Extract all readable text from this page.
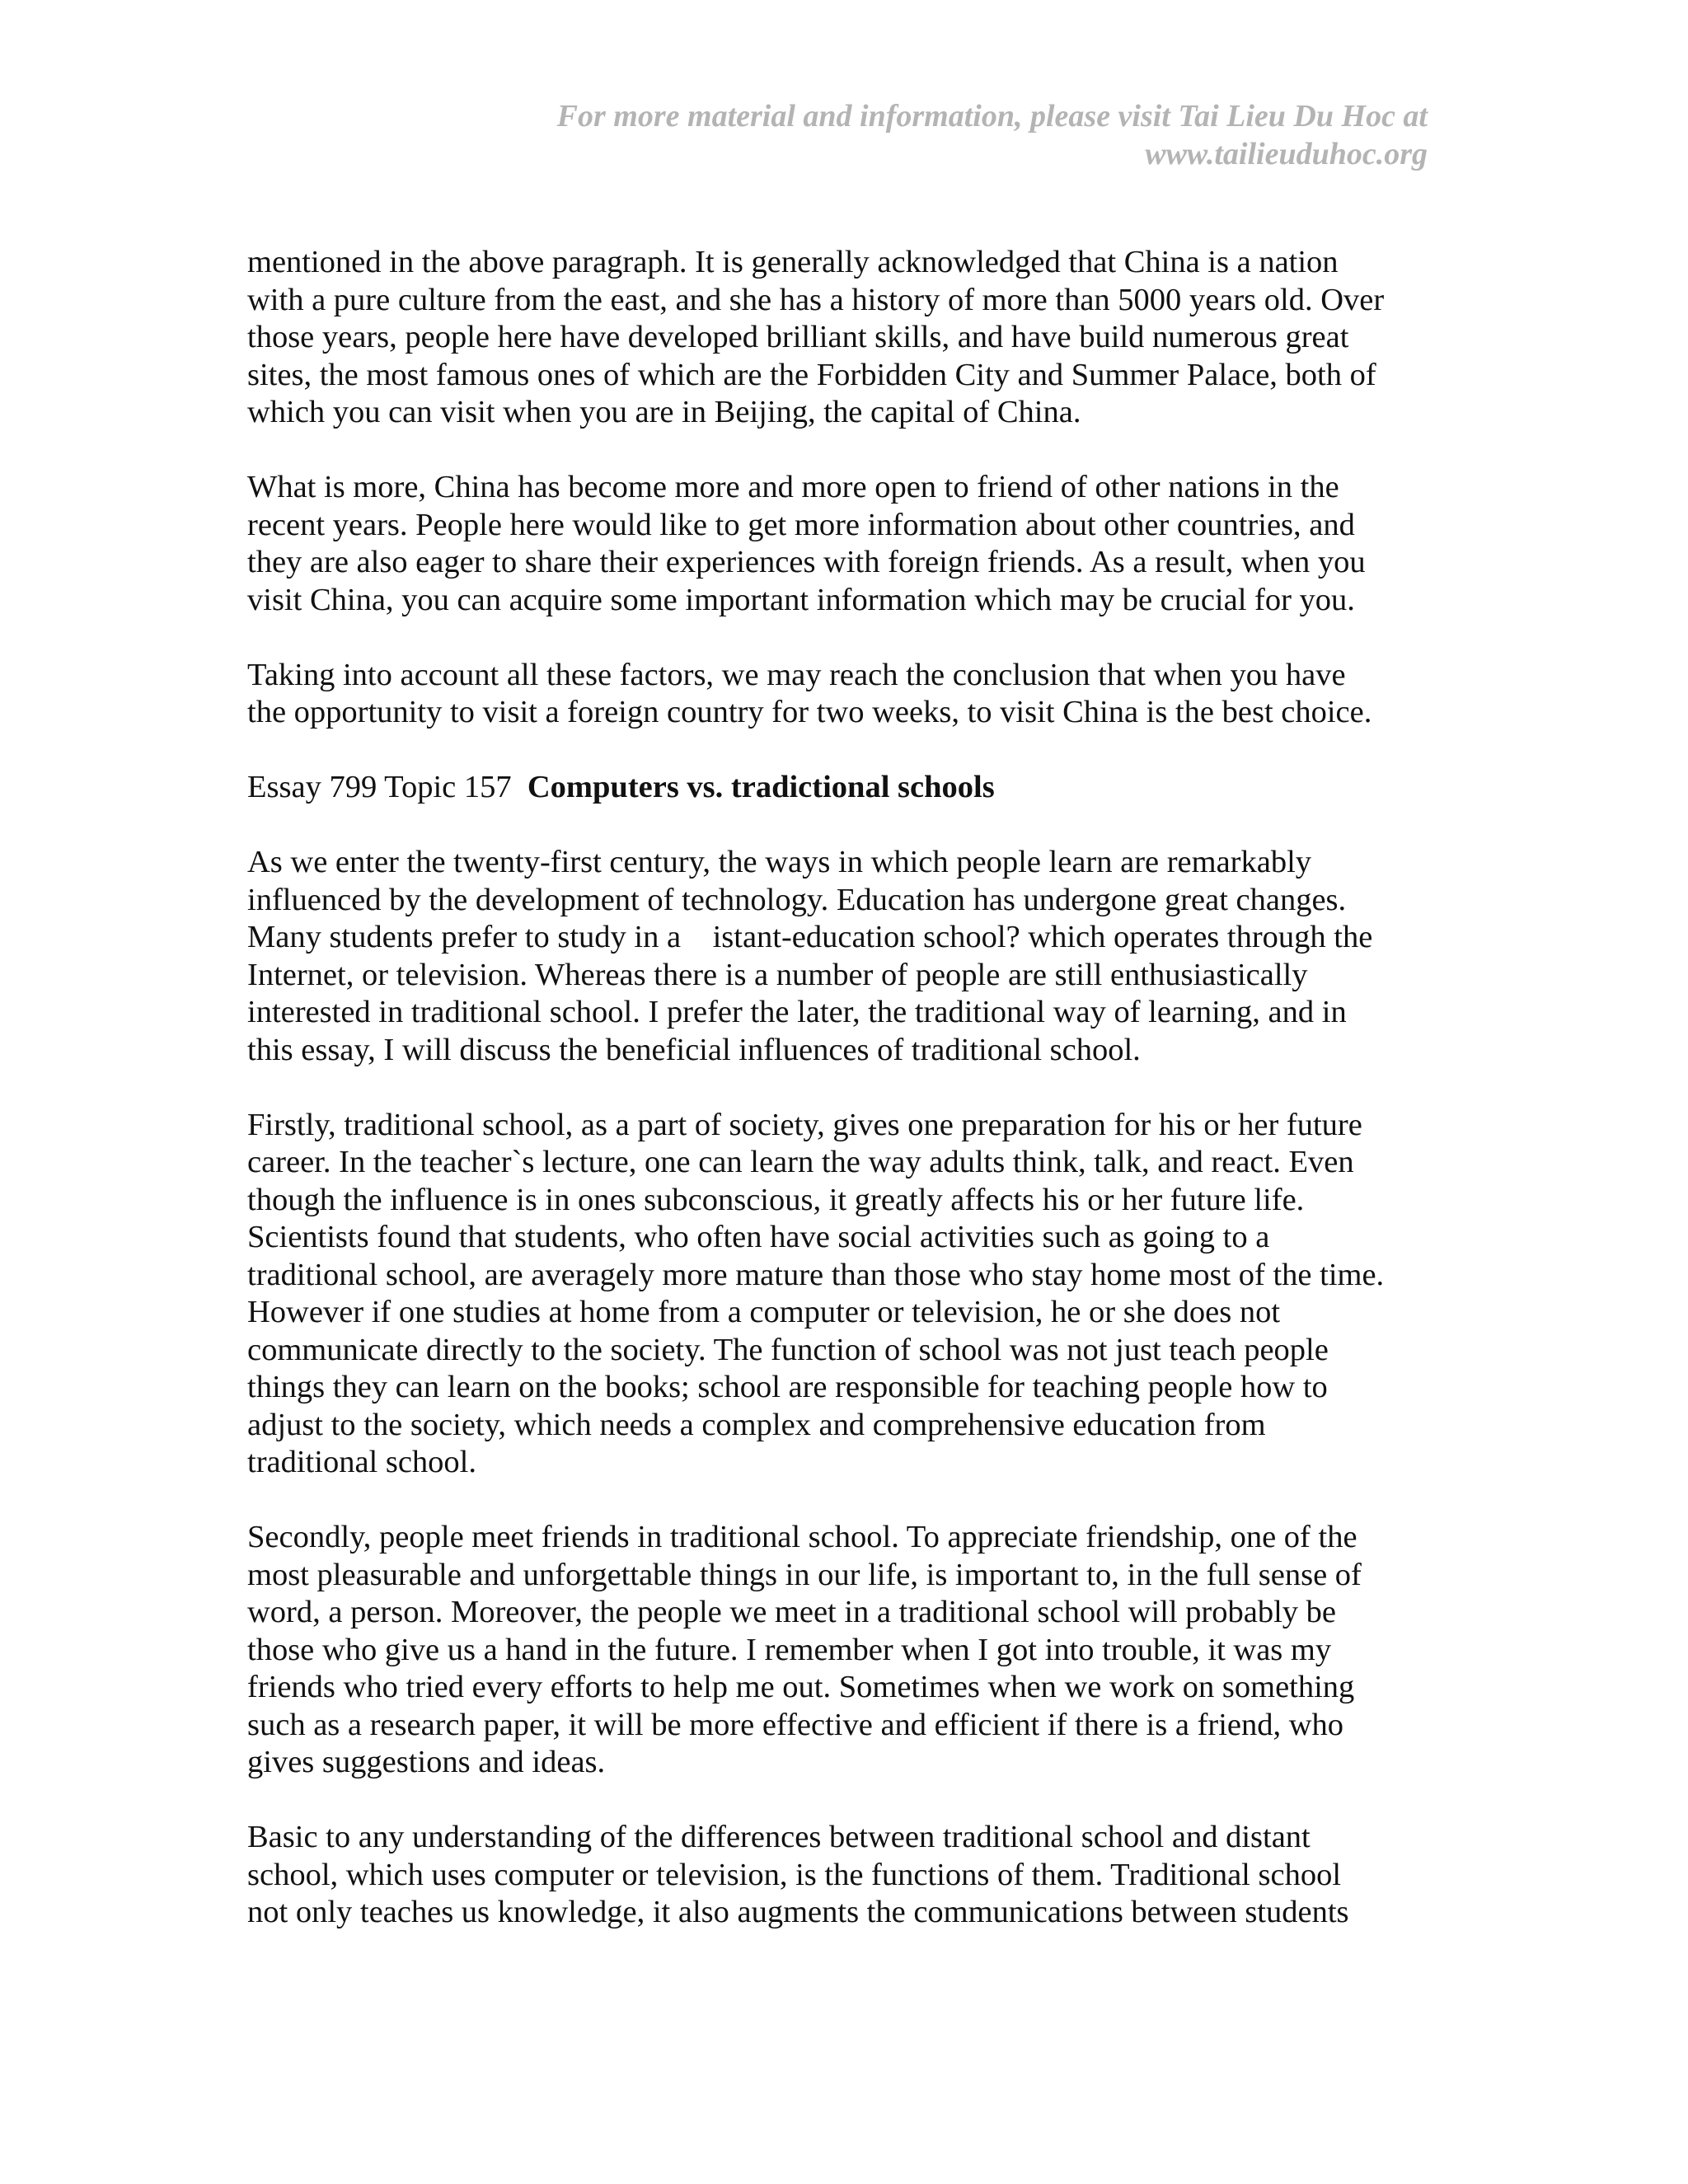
For more material and information, please visit Tai Lieu Du Hoc at
www.tailieuduhoc.org

mentioned in the above paragraph. It is generally acknowledged that China is a nation
with a pure culture from the east, and she has a history of more than 5000 years old. Over
those years, people here have developed brilliant skills, and have build numerous great
sites, the most famous ones of which are the Forbidden City and Summer Palace, both of
which you can visit when you are in Beijing, the capital of China.

What is more, China has become more and more open to friend of other nations in the
recent years. People here would like to get more information about other countries, and
they are also eager to share their experiences with foreign friends. As a result, when you
visit China, you can acquire some important information which may be crucial for you.

Taking into account all these factors, we may reach the conclusion that when you have
the opportunity to visit a foreign country for two weeks, to visit China is the best choice.

Essay 799 Topic 157  Computers vs. tradictional schools

As we enter the twenty-first century, the ways in which people learn are remarkably
influenced by the development of technology. Education has undergone great changes.
Many students prefer to study in a    istant-education school? which operates through the
Internet, or television. Whereas there is a number of people are still enthusiastically
interested in traditional school. I prefer the later, the traditional way of learning, and in
this essay, I will discuss the beneficial influences of traditional school.

Firstly, traditional school, as a part of society, gives one preparation for his or her future
career. In the teacher`s lecture, one can learn the way adults think, talk, and react. Even
though the influence is in ones subconscious, it greatly affects his or her future life.
Scientists found that students, who often have social activities such as going to a
traditional school, are averagely more mature than those who stay home most of the time.
However if one studies at home from a computer or television, he or she does not
communicate directly to the society. The function of school was not just teach people
things they can learn on the books; school are responsible for teaching people how to
adjust to the society, which needs a complex and comprehensive education from
traditional school.

Secondly, people meet friends in traditional school. To appreciate friendship, one of the
most pleasurable and unforgettable things in our life, is important to, in the full sense of
word, a person. Moreover, the people we meet in a traditional school will probably be
those who give us a hand in the future. I remember when I got into trouble, it was my
friends who tried every efforts to help me out. Sometimes when we work on something
such as a research paper, it will be more effective and efficient if there is a friend, who
gives suggestions and ideas.

Basic to any understanding of the differences between traditional school and distant
school, which uses computer or television, is the functions of them. Traditional school
not only teaches us knowledge, it also augments the communications between students
